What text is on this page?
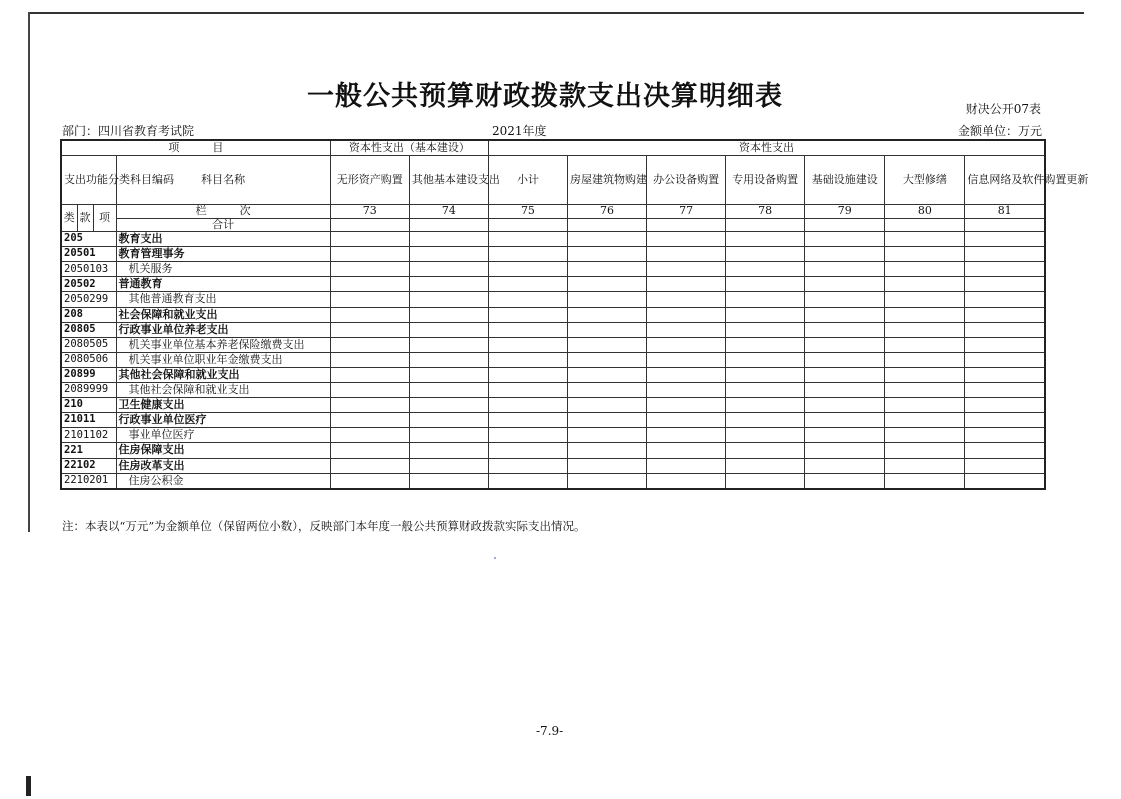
一般公共预算财政拨款支出决算明细表	财决公开07表
部门：四川省教育考试院	2021年度	金额单位：万元
项　　　目				资本性支出（基本建设）		资本性支出						
支出功能分类科目编码			科目名称	无形资产购置	其他基本建设支出	小计	房屋建筑物购建	办公设备购置	专用设备购置	基础设施建设	大型修缮	信息网络及软件购置更新
类	款	项	栏　　　次	73	74	75	76	77	78	79	80	81
			合计									
205			教育支出									
20501			教育管理事务									
2050103			机关服务									
20502			普通教育									
2050299			其他普通教育支出									
208			社会保障和就业支出									
20805			行政事业单位养老支出									
2080505			机关事业单位基本养老保险缴费支出									
2080506			机关事业单位职业年金缴费支出									
20899			其他社会保障和就业支出									
2089999			其他社会保障和就业支出									
210			卫生健康支出									
21011			行政事业单位医疗									
2101102			事业单位医疗									
221			住房保障支出									
22102			住房改革支出									
2210201			住房公积金									
注：本表以“万元”为金额单位（保留两位小数），反映部门本年度一般公共预算财政拨款实际支出情况。
-7.9-
